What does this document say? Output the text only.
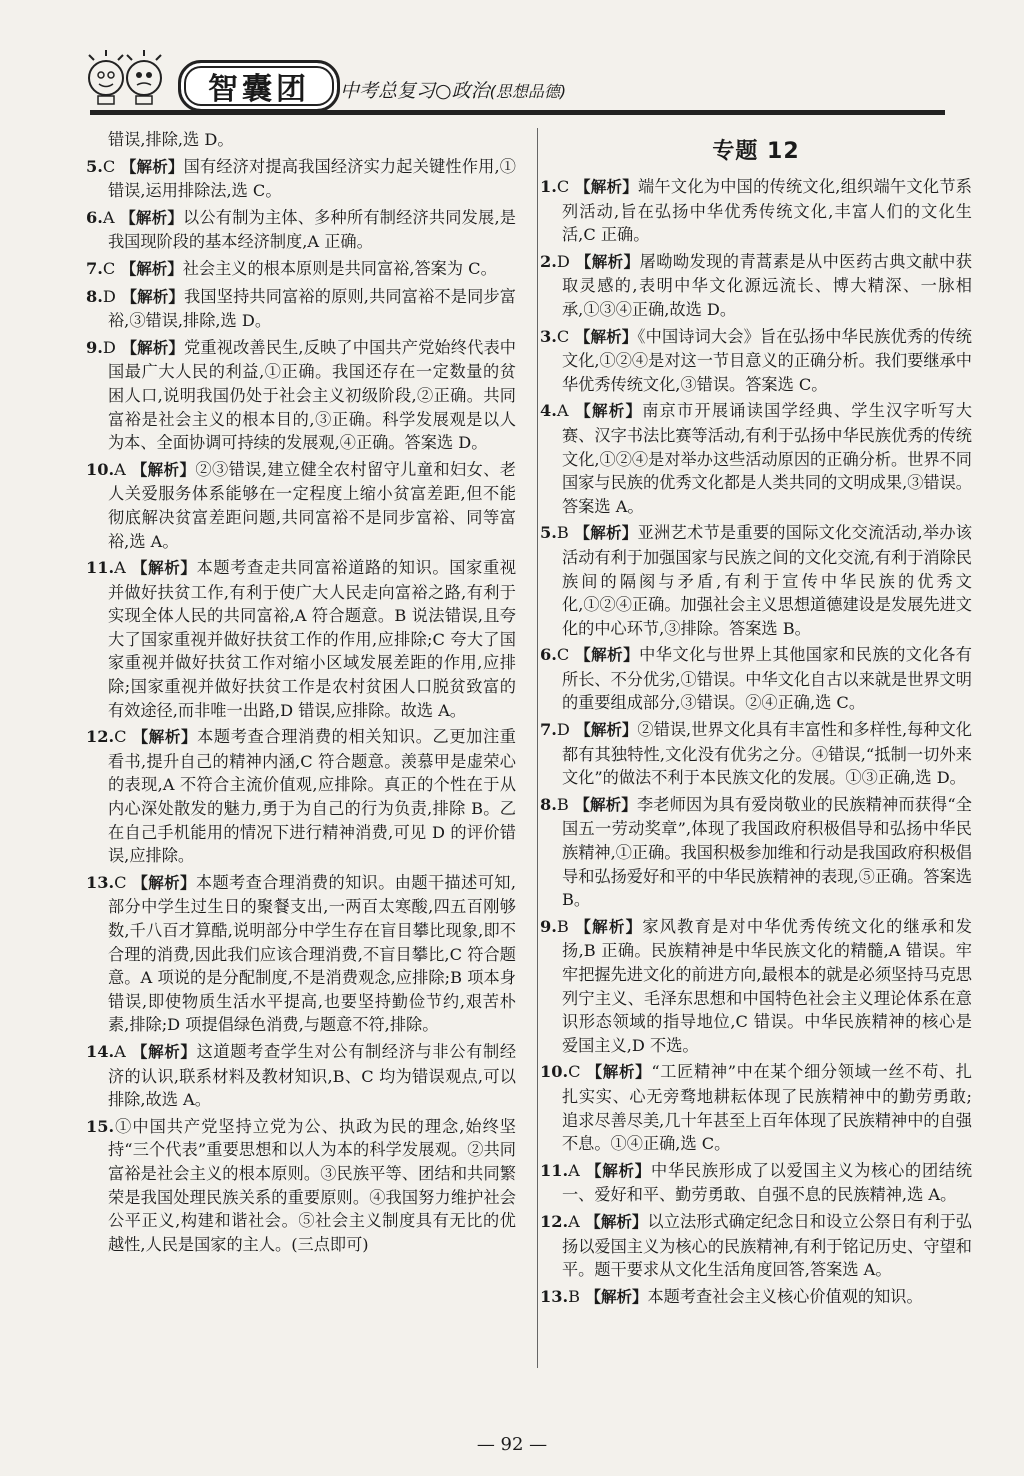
智囊团	中考总复习○政治(思想品德)

错误,排除,选 D。

5.C 【解析】国有经济对提高我国经济实力起关键性作用,①错误,运用排除法,选 C。

6.A 【解析】以公有制为主体、多种所有制经济共同发展,是我国现阶段的基本经济制度,A 正确。

7.C 【解析】社会主义的根本原则是共同富裕,答案为 C。

8.D 【解析】我国坚持共同富裕的原则,共同富裕不是同步富裕,③错误,排除,选 D。

9.D 【解析】党重视改善民生,反映了中国共产党始终代表中国最广大人民的利益,①正确。我国还存在一定数量的贫困人口,说明我国仍处于社会主义初级阶段,②正确。共同富裕是社会主义的根本目的,③正确。科学发展观是以人为本、全面协调可持续的发展观,④正确。答案选 D。

10.A 【解析】②③错误,建立健全农村留守儿童和妇女、老人关爱服务体系能够在一定程度上缩小贫富差距,但不能彻底解决贫富差距问题,共同富裕不是同步富裕、同等富裕,选 A。

11.A 【解析】本题考查走共同富裕道路的知识。国家重视并做好扶贫工作,有利于使广大人民走向富裕之路,有利于实现全体人民的共同富裕,A 符合题意。B 说法错误,且夸大了国家重视并做好扶贫工作的作用,应排除;C 夸大了国家重视并做好扶贫工作对缩小区域发展差距的作用,应排除;国家重视并做好扶贫工作是农村贫困人口脱贫致富的有效途径,而非唯一出路,D 错误,应排除。故选 A。

12.C 【解析】本题考查合理消费的相关知识。乙更加注重看书,提升自己的精神内涵,C 符合题意。羡慕甲是虚荣心的表现,A 不符合主流价值观,应排除。真正的个性在于从内心深处散发的魅力,勇于为自己的行为负责,排除 B。乙在自己手机能用的情况下进行精神消费,可见 D 的评价错误,应排除。

13.C 【解析】本题考查合理消费的知识。由题干描述可知,部分中学生过生日的聚餐支出,一两百太寒酸,四五百刚够数,千八百才算酷,说明部分中学生存在盲目攀比现象,即不合理的消费,因此我们应该合理消费,不盲目攀比,C 符合题意。A 项说的是分配制度,不是消费观念,应排除;B 项本身错误,即使物质生活水平提高,也要坚持勤俭节约,艰苦朴素,排除;D 项提倡绿色消费,与题意不符,排除。

14.A 【解析】这道题考查学生对公有制经济与非公有制经济的认识,联系材料及教材知识,B、C 均为错误观点,可以排除,故选 A。

15.①中国共产党坚持立党为公、执政为民的理念,始终坚持“三个代表”重要思想和以人为本的科学发展观。②共同富裕是社会主义的根本原则。③民族平等、团结和共同繁荣是我国处理民族关系的重要原则。④我国努力维护社会公平正义,构建和谐社会。⑤社会主义制度具有无比的优越性,人民是国家的主人。(三点即可)

专题 12

1.C 【解析】端午文化为中国的传统文化,组织端午文化节系列活动,旨在弘扬中华优秀传统文化,丰富人们的文化生活,C 正确。

2.D 【解析】屠呦呦发现的青蒿素是从中医药古典文献中获取灵感的,表明中华文化源远流长、博大精深、一脉相承,①③④正确,故选 D。

3.C 【解析】《中国诗词大会》旨在弘扬中华民族优秀的传统文化,①②④是对这一节目意义的正确分析。我们要继承中华优秀传统文化,③错误。答案选 C。

4.A 【解析】南京市开展诵读国学经典、学生汉字听写大赛、汉字书法比赛等活动,有利于弘扬中华民族优秀的传统文化,①②④是对举办这些活动原因的正确分析。世界不同国家与民族的优秀文化都是人类共同的文明成果,③错误。答案选 A。

5.B 【解析】亚洲艺术节是重要的国际文化交流活动,举办该活动有利于加强国家与民族之间的文化交流,有利于消除民族间的隔阂与矛盾,有利于宣传中华民族的优秀文化,①②④正确。加强社会主义思想道德建设是发展先进文化的中心环节,③排除。答案选 B。

6.C 【解析】中华文化与世界上其他国家和民族的文化各有所长、不分优劣,①错误。中华文化自古以来就是世界文明的重要组成部分,③错误。②④正确,选 C。

7.D 【解析】②错误,世界文化具有丰富性和多样性,每种文化都有其独特性,文化没有优劣之分。④错误,“抵制一切外来文化”的做法不利于本民族文化的发展。①③正确,选 D。

8.B 【解析】李老师因为具有爱岗敬业的民族精神而获得“全国五一劳动奖章”,体现了我国政府积极倡导和弘扬中华民族精神,①正确。我国积极参加维和行动是我国政府积极倡导和弘扬爱好和平的中华民族精神的表现,⑤正确。答案选 B。

9.B 【解析】家风教育是对中华优秀传统文化的继承和发扬,B 正确。民族精神是中华民族文化的精髓,A 错误。牢牢把握先进文化的前进方向,最根本的就是必须坚持马克思列宁主义、毛泽东思想和中国特色社会主义理论体系在意识形态领域的指导地位,C 错误。中华民族精神的核心是爱国主义,D 不选。

10.C 【解析】“工匠精神”中在某个细分领域一丝不苟、扎扎实实、心无旁骛地耕耘体现了民族精神中的勤劳勇敢;追求尽善尽美,几十年甚至上百年体现了民族精神中的自强不息。①④正确,选 C。

11.A 【解析】中华民族形成了以爱国主义为核心的团结统一、爱好和平、勤劳勇敢、自强不息的民族精神,选 A。

12.A 【解析】以立法形式确定纪念日和设立公祭日有利于弘扬以爱国主义为核心的民族精神,有利于铭记历史、守望和平。题干要求从文化生活角度回答,答案选 A。

13.B 【解析】本题考查社会主义核心价值观的知识。

— 92 —
